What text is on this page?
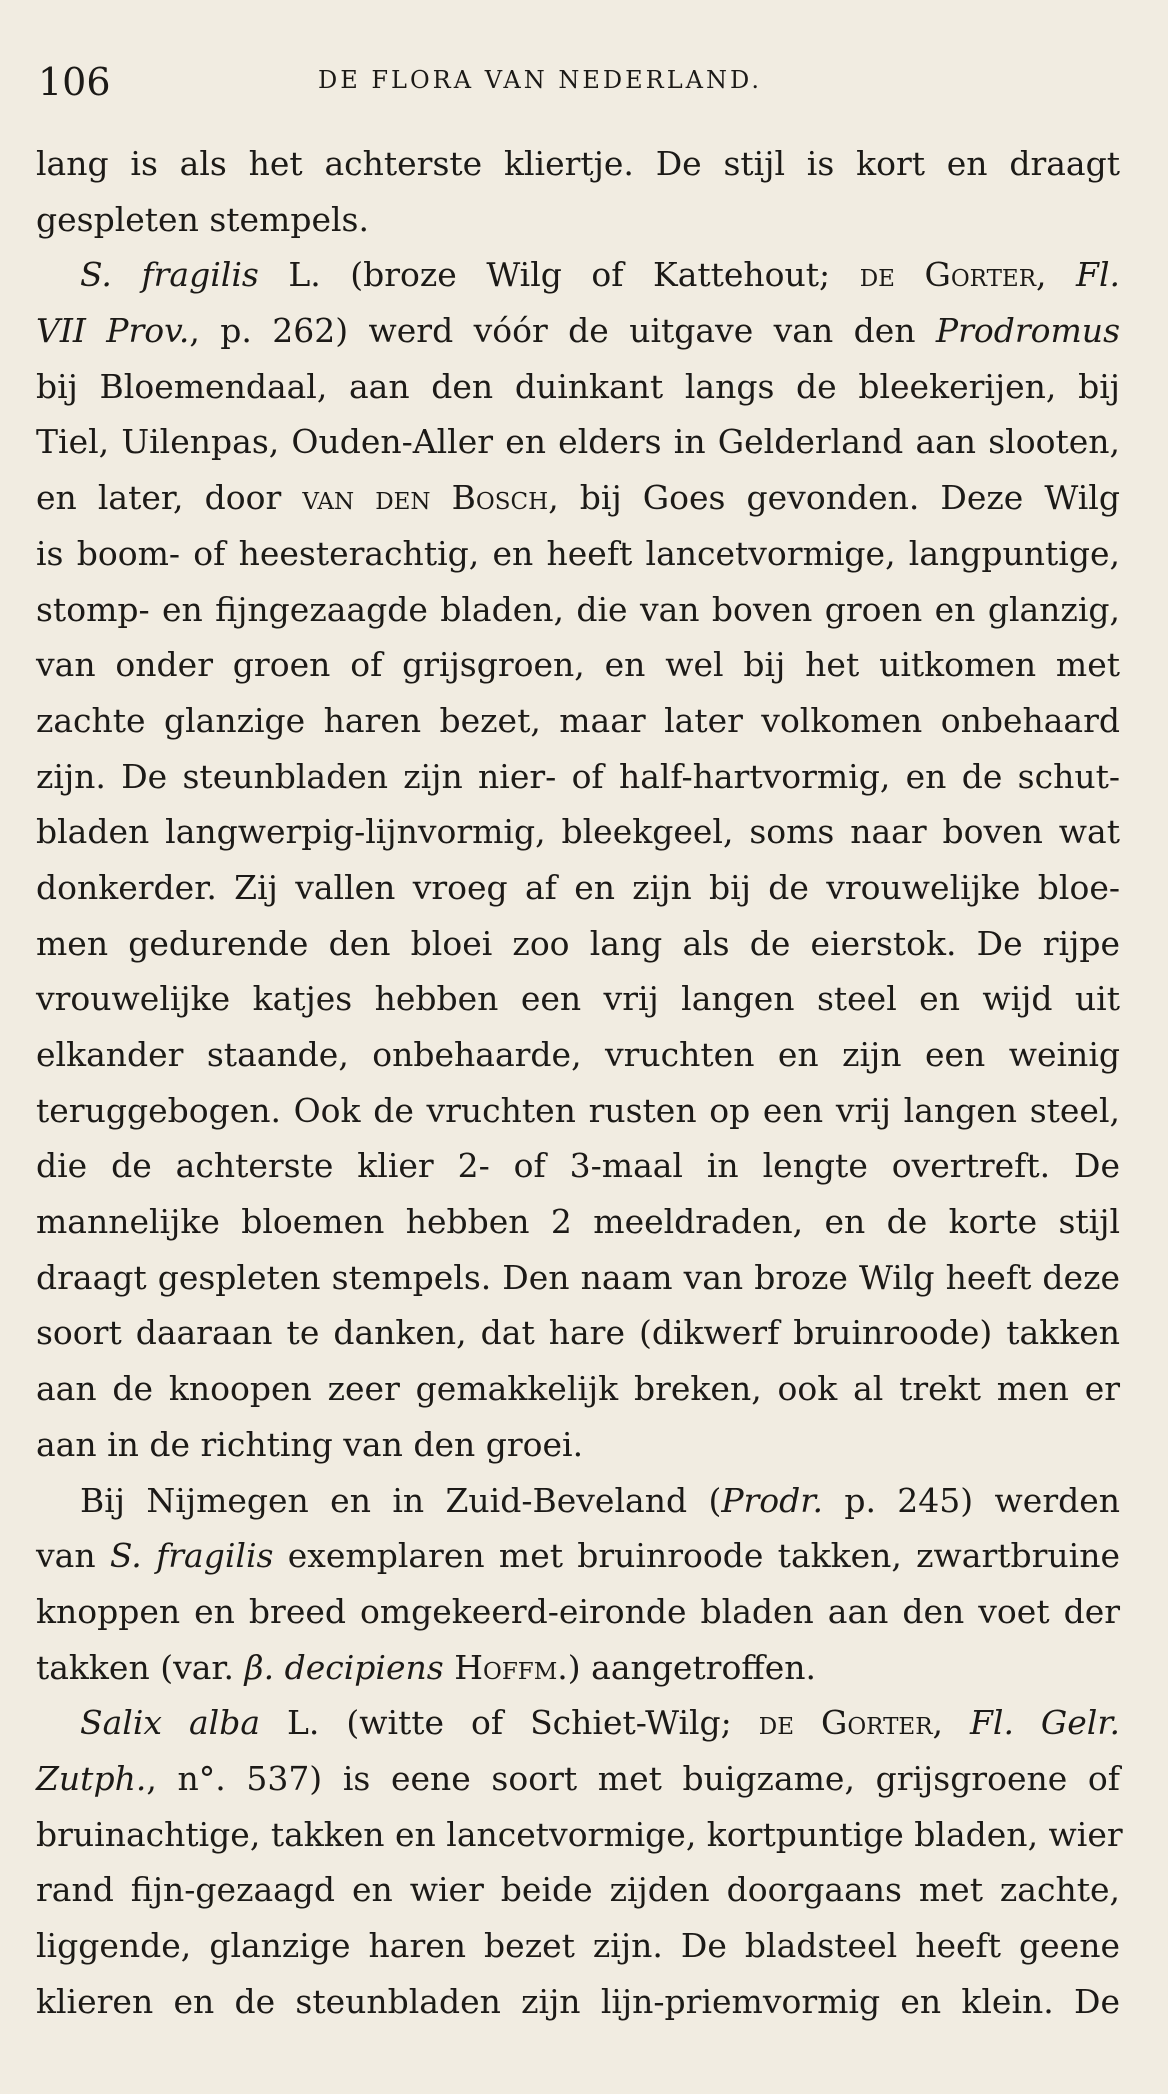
106	DE FLORA VAN NEDERLAND.
lang is als het achterste kliertje. De stijl is kort en draagt
gespleten stempels.
S. fragilis L. (broze Wilg of Kattehout; de Gorter, Fl.
VII Prov., p. 262) werd vóór de uitgave van den Prodromus
bij Bloemendaal, aan den duinkant langs de bleekerijen, bij
Tiel, Uilenpas, Ouden-Aller en elders in Gelderland aan slooten,
en later, door van den Bosch, bij Goes gevonden. Deze Wilg
is boom- of heesterachtig, en heeft lancetvormige, langpuntige,
stomp- en fijngezaagde bladen, die van boven groen en glanzig,
van onder groen of grijsgroen, en wel bij het uitkomen met
zachte glanzige haren bezet, maar later volkomen onbehaard
zijn. De steunbladen zijn nier- of half-hartvormig, en de schut-
bladen langwerpig-lijnvormig, bleekgeel, soms naar boven wat
donkerder. Zij vallen vroeg af en zijn bij de vrouwelijke bloe-
men gedurende den bloei zoo lang als de eierstok. De rijpe
vrouwelijke katjes hebben een vrij langen steel en wijd uit
elkander staande, onbehaarde, vruchten en zijn een weinig
teruggebogen. Ook de vruchten rusten op een vrij langen steel,
die de achterste klier 2- of 3-maal in lengte overtreft. De
mannelijke bloemen hebben 2 meeldraden, en de korte stijl
draagt gespleten stempels. Den naam van broze Wilg heeft deze
soort daaraan te danken, dat hare (dikwerf bruinroode) takken
aan de knoopen zeer gemakkelijk breken, ook al trekt men er
aan in de richting van den groei.
Bij Nijmegen en in Zuid-Beveland (Prodr. p. 245) werden
van S. fragilis exemplaren met bruinroode takken, zwartbruine
knoppen en breed omgekeerd-eironde bladen aan den voet der
takken (var. β. decipiens Hoffm.) aangetroffen.
Salix alba L. (witte of Schiet-Wilg; de Gorter, Fl. Gelr.
Zutph., n°. 537) is eene soort met buigzame, grijsgroene of
bruinachtige, takken en lancetvormige, kortpuntige bladen, wier
rand fijn-gezaagd en wier beide zijden doorgaans met zachte,
liggende, glanzige haren bezet zijn. De bladsteel heeft geene
klieren en de steunbladen zijn lijn-priemvormig en klein. De
